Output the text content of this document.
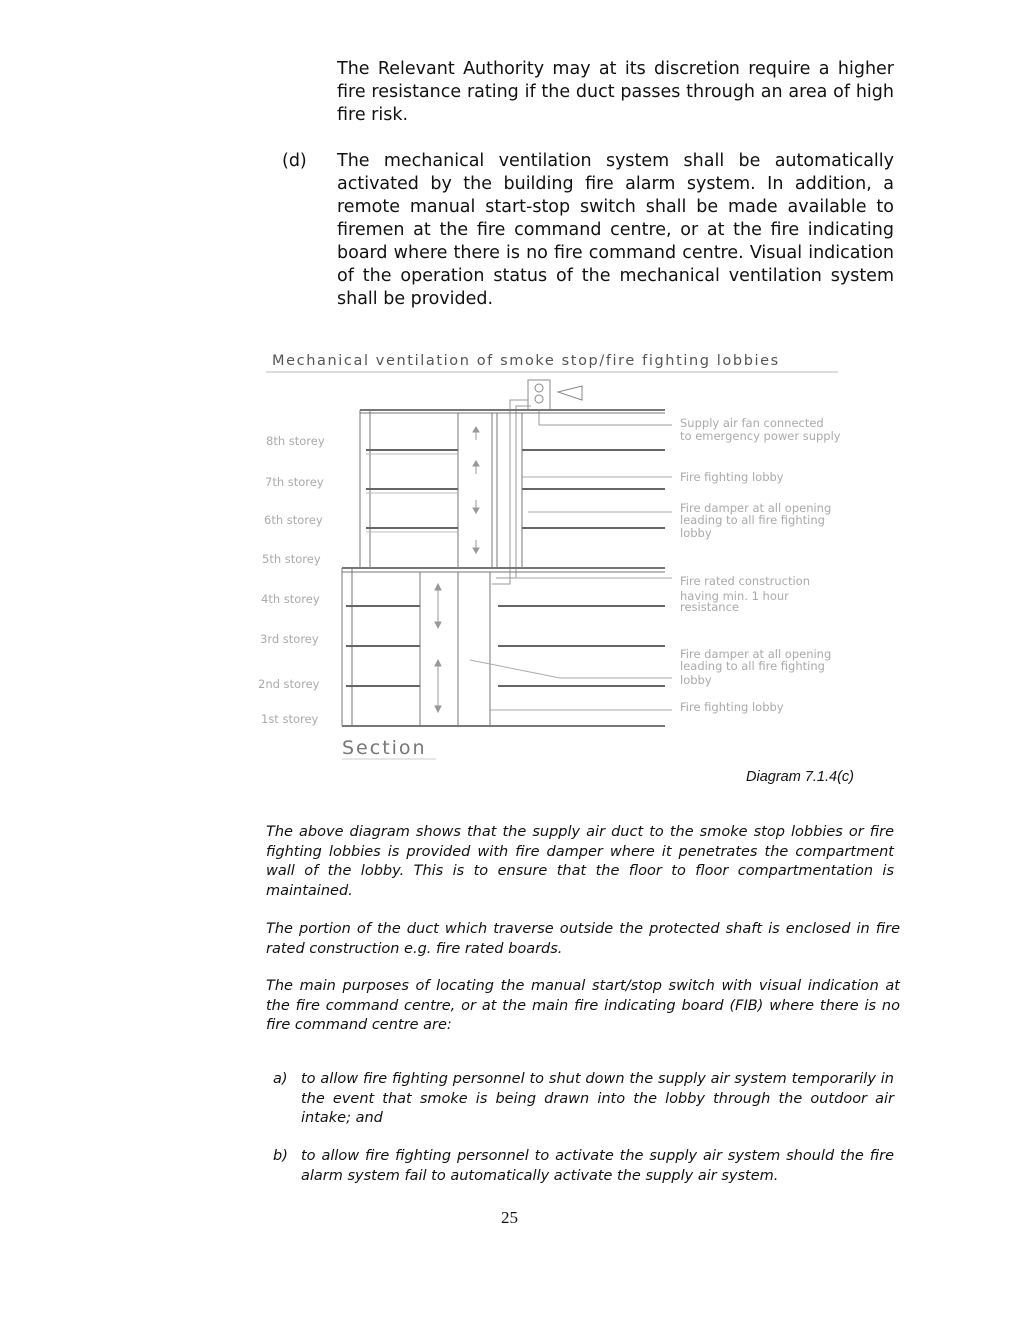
The Relevant Authority may at its discretion require a higher fire resistance rating if the duct passes through an area of high fire risk.

(d) The mechanical ventilation system shall be automatically activated by the building fire alarm system. In addition, a remote manual start-stop switch shall be made available to firemen at the fire command centre, or at the fire indicating board where there is no fire command centre. Visual indication of the operation status of the mechanical ventilation system shall be provided.

Mechanical ventilation of smoke stop/fire fighting lobbies
8th storey
7th storey
6th storey
5th storey
4th storey
3rd storey
2nd storey
1st storey
Supply air fan connected
to emergency power supply
Fire fighting lobby
Fire damper at all opening
leading to all fire fighting
lobby
Fire rated construction
having min. 1 hour
resistance
Fire damper at all opening
leading to all fire fighting
lobby
Fire fighting lobby
Section
Diagram 7.1.4(c)

The above diagram shows that the supply air duct to the smoke stop lobbies or fire fighting lobbies is provided with fire damper where it penetrates the compartment wall of the lobby. This is to ensure that the floor to floor compartmentation is maintained.

The portion of the duct which traverse outside the protected shaft is enclosed in fire rated construction e.g. fire rated boards.

The main purposes of locating the manual start/stop switch with visual indication at the fire command centre, or at the main fire indicating board (FIB) where there is no fire command centre are:

a) to allow fire fighting personnel to shut down the supply air system temporarily in the event that smoke is being drawn into the lobby through the outdoor air intake; and

b) to allow fire fighting personnel to activate the supply air system should the fire alarm system fail to automatically activate the supply air system.

25
